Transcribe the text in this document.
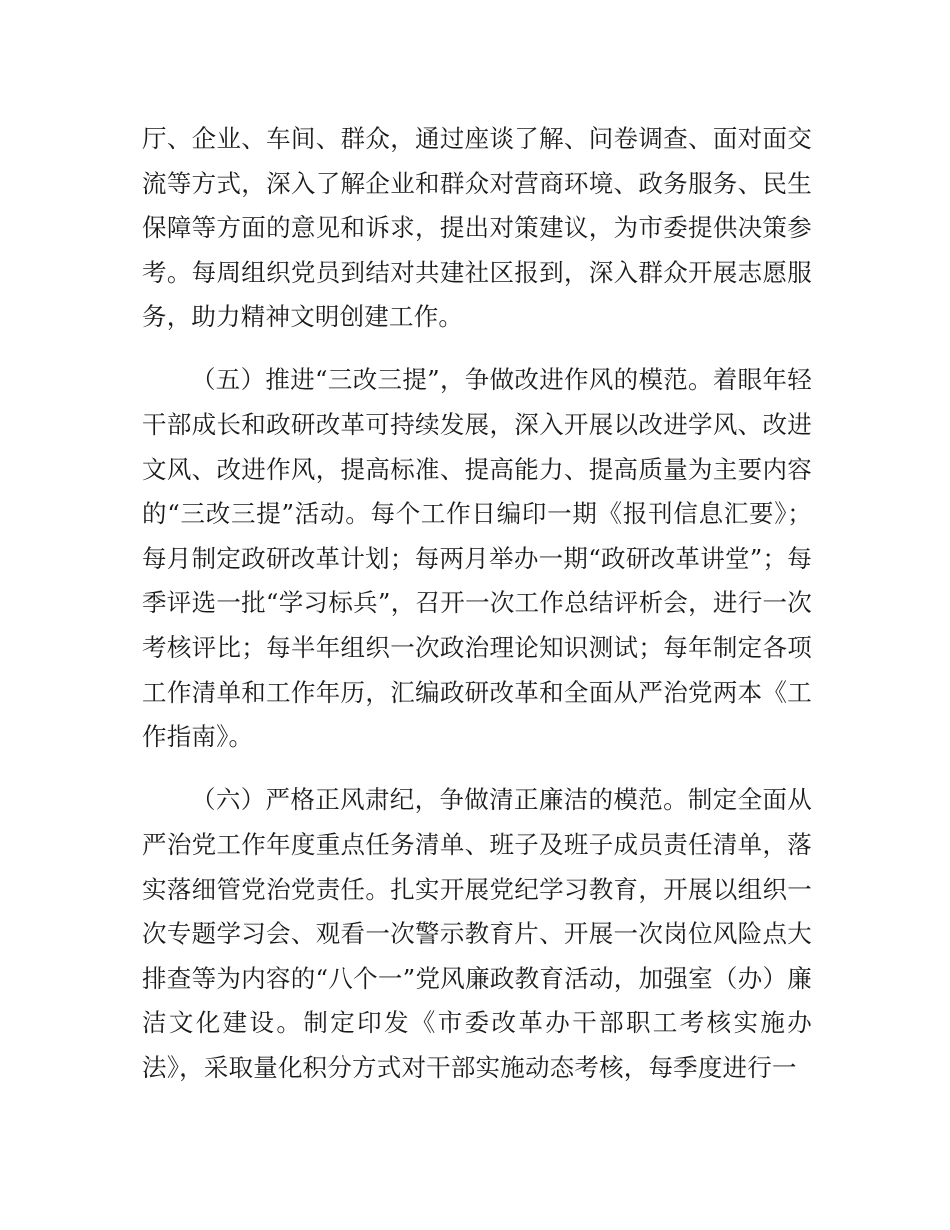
厅、企业、车间、群众，通过座谈了解、问卷调查、面对面交流等方式，深入了解企业和群众对营商环境、政务服务、民生保障等方面的意见和诉求，提出对策建议，为市委提供决策参考。每周组织党员到结对共建社区报到，深入群众开展志愿服务，助力精神文明创建工作。

（五）推进“三改三提”，争做改进作风的模范。着眼年轻干部成长和政研改革可持续发展，深入开展以改进学风、改进文风、改进作风，提高标准、提高能力、提高质量为主要内容的“三改三提”活动。每个工作日编印一期《报刊信息汇要》；每月制定政研改革计划；每两月举办一期“政研改革讲堂”；每季评选一批“学习标兵”，召开一次工作总结评析会，进行一次考核评比；每半年组织一次政治理论知识测试；每年制定各项工作清单和工作年历，汇编政研改革和全面从严治党两本《工作指南》。

（六）严格正风肃纪，争做清正廉洁的模范。制定全面从严治党工作年度重点任务清单、班子及班子成员责任清单，落实落细管党治党责任。扎实开展党纪学习教育，开展以组织一次专题学习会、观看一次警示教育片、开展一次岗位风险点大排查等为内容的“八个一”党风廉政教育活动，加强室（办）廉洁文化建设。制定印发《市委改革办干部职工考核实施办法》，采取量化积分方式对干部实施动态考核，每季度进行一
